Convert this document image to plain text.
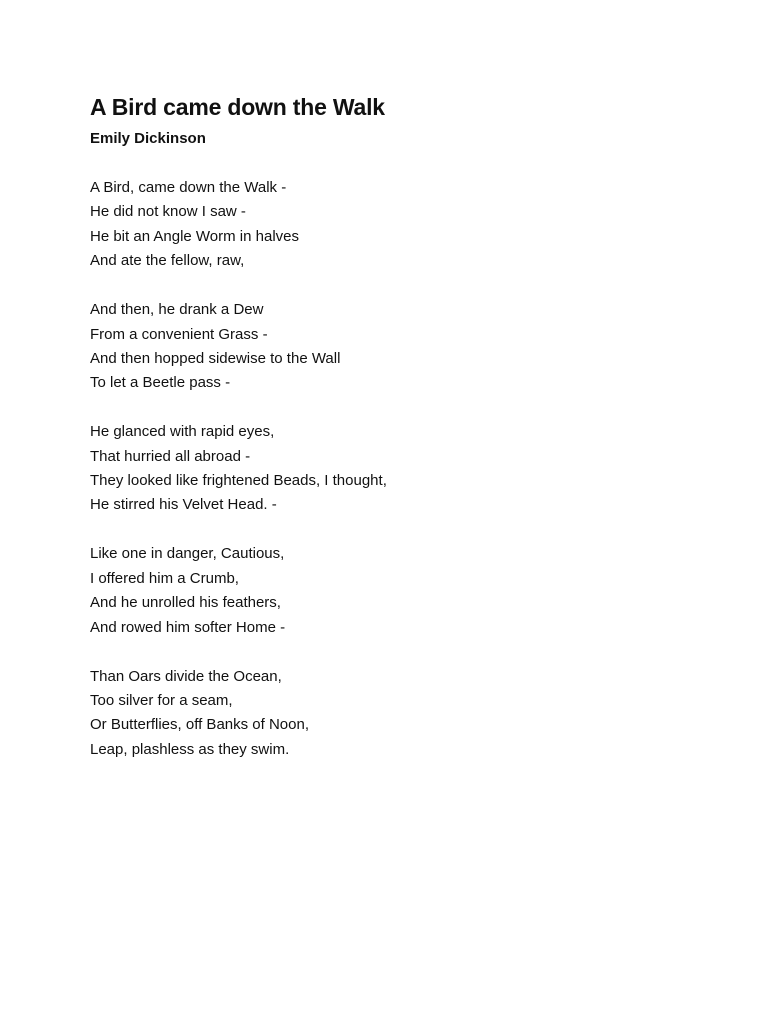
A Bird came down the Walk
Emily Dickinson
A Bird, came down the Walk -
He did not know I saw -
He bit an Angle Worm in halves
And ate the fellow, raw,
And then, he drank a Dew
From a convenient Grass -
And then hopped sidewise to the Wall
To let a Beetle pass -
He glanced with rapid eyes,
That hurried all abroad -
They looked like frightened Beads, I thought,
He stirred his Velvet Head. -
Like one in danger, Cautious,
I offered him a Crumb,
And he unrolled his feathers,
And rowed him softer Home -
Than Oars divide the Ocean,
Too silver for a seam,
Or Butterflies, off Banks of Noon,
Leap, plashless as they swim.
